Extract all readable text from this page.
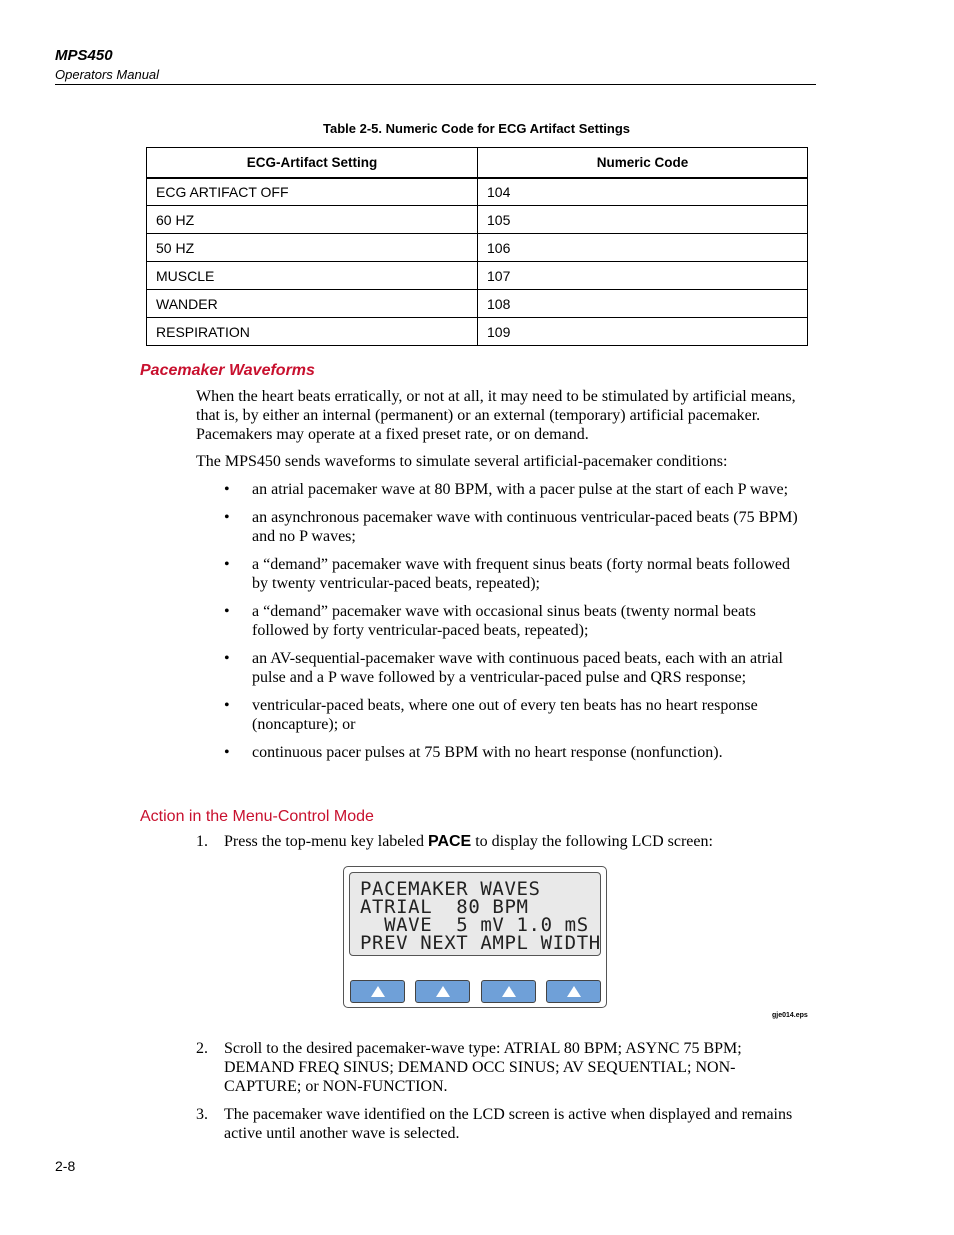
MPS450
Operators Manual
Table 2-5. Numeric Code for ECG Artifact Settings
ECG-Artifact Setting	Numeric Code
ECG ARTIFACT OFF	104
60 HZ	105
50 HZ	106
MUSCLE	107
WANDER	108
RESPIRATION	109
Pacemaker Waveforms
When the heart beats erratically, or not at all, it may need to be stimulated by artificial means, that is, by either an internal (permanent) or an external (temporary) artificial pacemaker. Pacemakers may operate at a fixed preset rate, or on demand.
The MPS450 sends waveforms to simulate several artificial-pacemaker conditions:
• an atrial pacemaker wave at 80 BPM, with a pacer pulse at the start of each P wave;
• an asynchronous pacemaker wave with continuous ventricular-paced beats (75 BPM) and no P waves;
• a “demand” pacemaker wave with frequent sinus beats (forty normal beats followed by twenty ventricular-paced beats, repeated);
• a “demand” pacemaker wave with occasional sinus beats (twenty normal beats followed by forty ventricular-paced beats, repeated);
• an AV-sequential-pacemaker wave with continuous paced beats, each with an atrial pulse and a P wave followed by a ventricular-paced pulse and QRS response;
• ventricular-paced beats, where one out of every ten beats has no heart response (noncapture); or
• continuous pacer pulses at 75 BPM with no heart response (nonfunction).
Action in the Menu-Control Mode
1. Press the top-menu key labeled PACE to display the following LCD screen:
PACEMAKER WAVES
ATRIAL  80 BPM
WAVE  5 mV 1.0 mS
PREV NEXT AMPL WIDTH
gje014.eps
2. Scroll to the desired pacemaker-wave type: ATRIAL 80 BPM; ASYNC 75 BPM; DEMAND FREQ SINUS; DEMAND OCC SINUS; AV SEQUENTIAL; NON-CAPTURE; or NON-FUNCTION.
3. The pacemaker wave identified on the LCD screen is active when displayed and remains active until another wave is selected.
2-8
